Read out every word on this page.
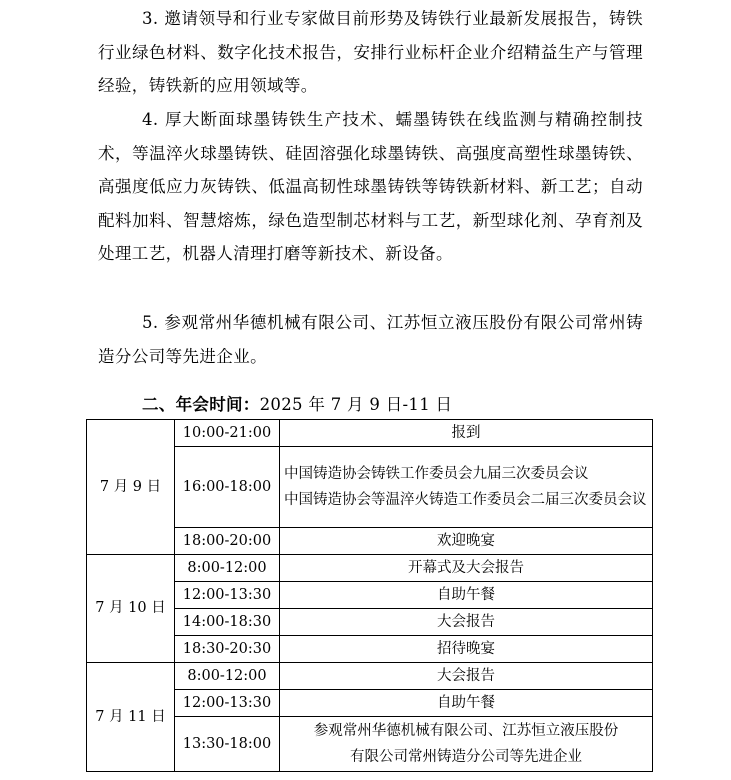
3. 邀请领导和行业专家做目前形势及铸铁行业最新发展报告，铸铁行业绿色材料、数字化技术报告，安排行业标杆企业介绍精益生产与管理经验，铸铁新的应用领域等。

4. 厚大断面球墨铸铁生产技术、蠕墨铸铁在线监测与精确控制技术，等温淬火球墨铸铁、硅固溶强化球墨铸铁、高强度高塑性球墨铸铁、高强度低应力灰铸铁、低温高韧性球墨铸铁等铸铁新材料、新工艺；自动配料加料、智慧熔炼，绿色造型制芯材料与工艺，新型球化剂、孕育剂及处理工艺，机器人清理打磨等新技术、新设备。

5. 参观常州华德机械有限公司、江苏恒立液压股份有限公司常州铸造分公司等先进企业。

二、年会时间：2025 年 7 月 9 日-11 日

7 月 9 日	10:00-21:00	报到
	16:00-18:00	中国铸造协会铸铁工作委员会九届三次委员会议
中国铸造协会等温淬火铸造工作委员会二届三次委员会议

	18:00-20:00	欢迎晚宴
7 月 10 日	8:00-12:00	开幕式及大会报告
	12:00-13:30	自助午餐
	14:00-18:30	大会报告
	18:30-20:30	招待晚宴
7 月 11 日	8:00-12:00	大会报告
	12:00-13:30	自助午餐
	13:30-18:00	参观常州华德机械有限公司、江苏恒立液压股份
有限公司常州铸造分公司等先进企业
